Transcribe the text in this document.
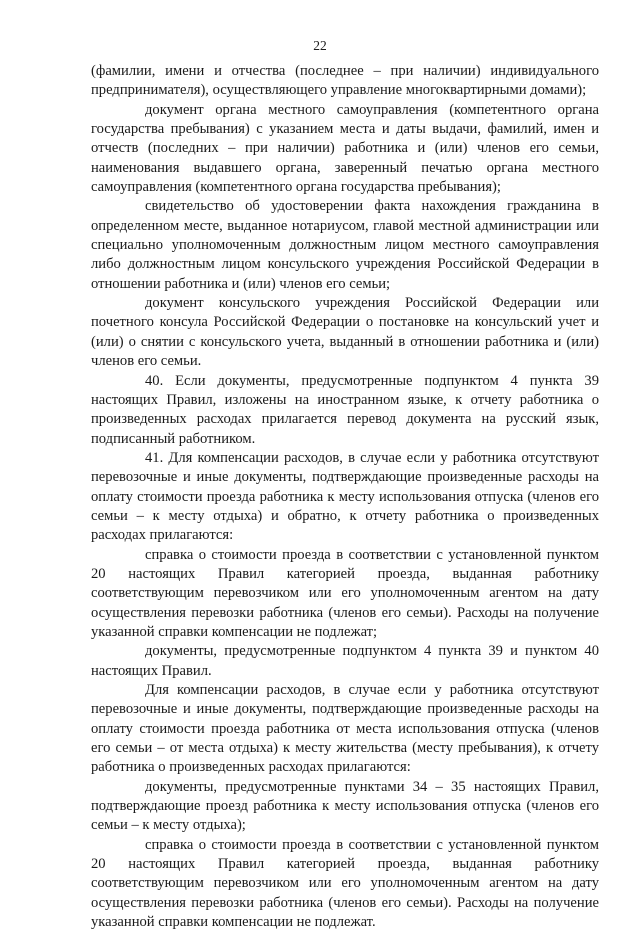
22

(фамилии, имени и отчества (последнее – при наличии) индивидуального предпринимателя), осуществляющего управление многоквартирными домами);

документ органа местного самоуправления (компетентного органа государства пребывания) с указанием места и даты выдачи, фамилий, имен и отчеств (последних – при наличии) работника и (или) членов его семьи, наименования выдавшего органа, заверенный печатью органа местного самоуправления (компетентного органа государства пребывания);

свидетельство об удостоверении факта нахождения гражданина в определенном месте, выданное нотариусом, главой местной администрации или специально уполномоченным должностным лицом местного самоуправления либо должностным лицом консульского учреждения Российской Федерации в отношении работника и (или) членов его семьи;

документ консульского учреждения Российской Федерации или почетного консула Российской Федерации о постановке на консульский учет и (или) о снятии с консульского учета, выданный в отношении работника и (или) членов его семьи.

40. Если документы, предусмотренные подпунктом 4 пункта 39 настоящих Правил, изложены на иностранном языке, к отчету работника о произведенных расходах прилагается перевод документа на русский язык, подписанный работником.

41. Для компенсации расходов, в случае если у работника отсутствуют перевозочные и иные документы, подтверждающие произведенные расходы на оплату стоимости проезда работника к месту использования отпуска (членов его семьи – к месту отдыха) и обратно, к отчету работника о произведенных расходах прилагаются:

справка о стоимости проезда в соответствии с установленной пунктом 20 настоящих Правил категорией проезда, выданная работнику соответствующим перевозчиком или его уполномоченным агентом на дату осуществления перевозки работника (членов его семьи). Расходы на получение указанной справки компенсации не подлежат;

документы, предусмотренные подпунктом 4 пункта 39 и пунктом 40 настоящих Правил.

Для компенсации расходов, в случае если у работника отсутствуют перевозочные и иные документы, подтверждающие произведенные расходы на оплату стоимости проезда работника от места использования отпуска (членов его семьи – от места отдыха) к месту жительства (месту пребывания), к отчету работника о произведенных расходах прилагаются:

документы, предусмотренные пунктами 34 – 35 настоящих Правил, подтверждающие проезд работника к месту использования отпуска (членов его семьи – к месту отдыха);

справка о стоимости проезда в соответствии с установленной пунктом 20 настоящих Правил категорией проезда, выданная работнику соответствующим перевозчиком или его уполномоченным агентом на дату осуществления перевозки работника (членов его семьи). Расходы на получение указанной справки компенсации не подлежат.
